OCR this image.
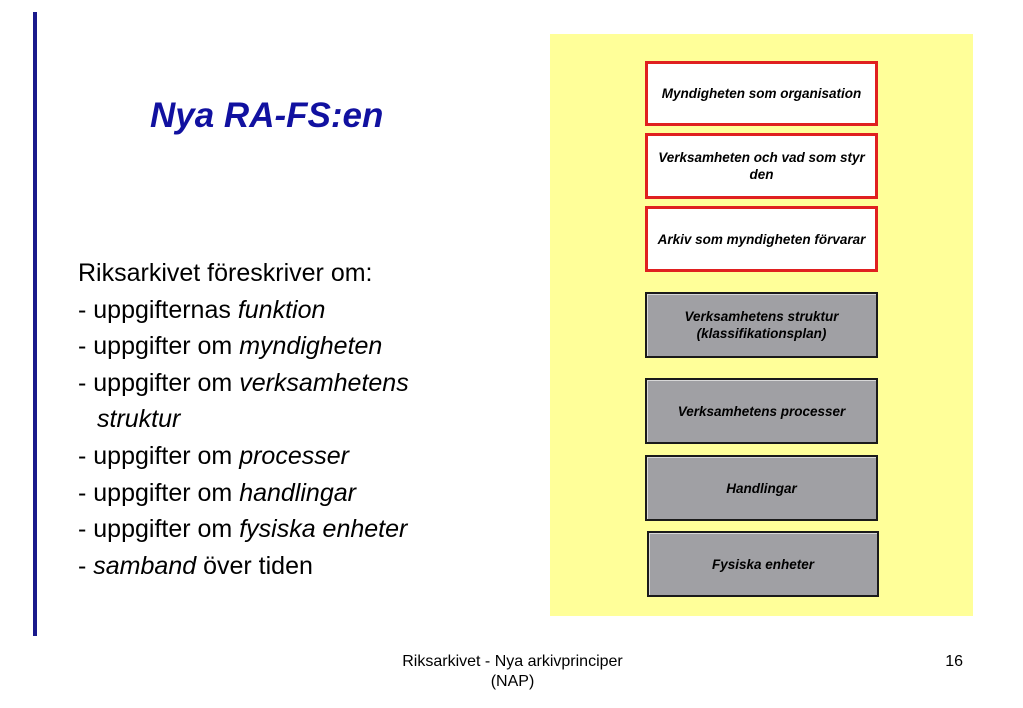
Nya RA-FS:en
Riksarkivet föreskriver om:
- uppgifternas funktion
- uppgifter om myndigheten
- uppgifter om verksamhetens
struktur
- uppgifter om processer
- uppgifter om handlingar
- uppgifter om fysiska enheter
- samband över tiden
Myndigheten som organisation
Verksamheten och vad som styr den
Arkiv som myndigheten förvarar
Verksamhetens struktur (klassifikationsplan)
Verksamhetens processer
Handlingar
Fysiska enheter
Riksarkivet - Nya arkivprinciper
(NAP)
16
